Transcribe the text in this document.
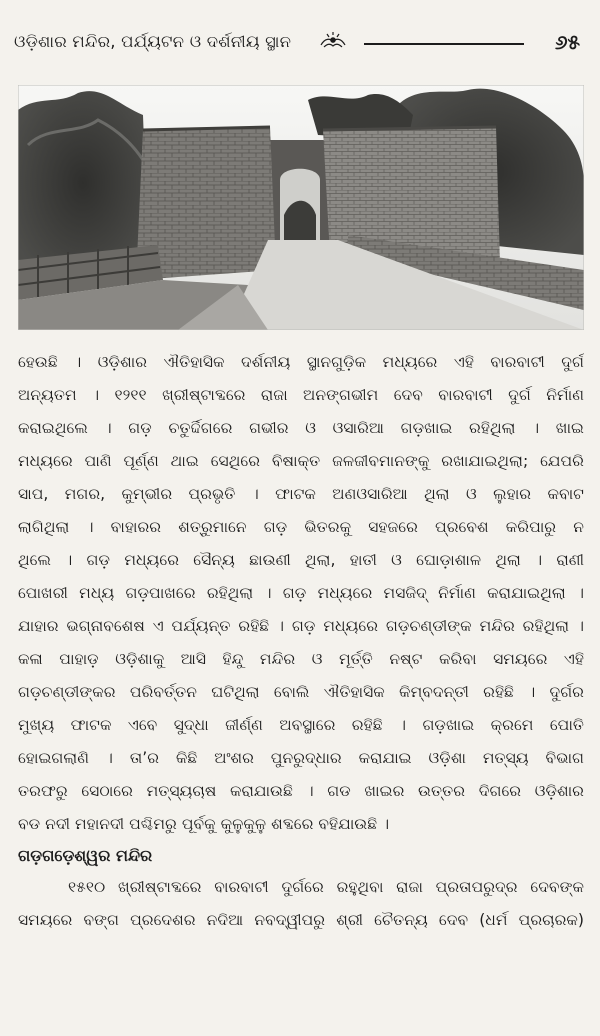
ଓଡ଼ିଶାର ମନ୍ଦିର, ପର୍ଯ୍ୟଟନ ଓ ଦର୍ଶନୀୟ ସ୍ଥାନ	୬୫
ହେଉଛି । ଓଡ଼ିଶାର ଐତିହାସିକ ଦର୍ଶନୀୟ ସ୍ଥାନଗୁଡ଼ିକ ମଧ୍ୟରେ ଏହି ବାରବାଟୀ ଦୁର୍ଗ
ଅନ୍ୟତମ । ୧୨୧୧ ଖ୍ରୀଷ୍ଟାବ୍ଦରେ ରାଜା ଅନଙ୍ଗଭୀମ ଦେବ ବାରବାଟୀ ଦୁର୍ଗ ନିର୍ମାଣ
କରାଇଥିଲେ । ଗଡ଼ ଚତୁର୍ଦ୍ଦିଗରେ ଗଭୀର ଓ ଓସାରିଆ ଗଡ଼ଖାଇ ରହିଥିଲା । ଖାଇ
ମଧ୍ୟରେ ପାଣି ପୂର୍ଣ୍ଣ ଥାଇ ସେଥିରେ ବିଷାକ୍ତ ଜଳଜୀବମାନଙ୍କୁ ରଖାଯାଇଥିଲା; ଯେପରି
ସାପ, ମଗର, କୁମ୍ଭୀର ପ୍ରଭୃତି । ଫାଟକ ଅଣଓସାରିଆ ଥିଲା ଓ ଲୁହାର କବାଟ
ଲାଗିଥିଲା । ବାହାରର ଶତ୍ରୁମାନେ ଗଡ଼ ଭିତରକୁ ସହଜରେ ପ୍ରବେଶ କରିପାରୁ ନ
ଥିଲେ । ଗଡ଼ ମଧ୍ୟରେ ସୈନ୍ୟ ଛାଉଣୀ ଥିଲା, ହାତୀ ଓ ଘୋଡ଼ାଶାଳ ଥିଲା । ରାଣୀ
ପୋଖରୀ ମଧ୍ୟ ଗଡ଼ପାଖରେ ରହିଥିଲା । ଗଡ଼ ମଧ୍ୟରେ ମସଜିଦ୍ ନିର୍ମାଣ କରାଯାଇଥିଲା ।
ଯାହାର ଭଗ୍ନାବଶେଷ ଏ ପର୍ଯ୍ୟନ୍ତ ରହିଛି । ଗଡ଼ ମଧ୍ୟରେ ଗଡ଼ଚଣ୍ଡୀଙ୍କ ମନ୍ଦିର ରହିଥିଲା ।
କଳା ପାହାଡ଼ ଓଡ଼ିଶାକୁ ଆସି ହିନ୍ଦୁ ମନ୍ଦିର ଓ ମୂର୍ତ୍ତି ନଷ୍ଟ କରିବା ସମୟରେ ଏହି
ଗଡ଼ଚଣ୍ଡୀଙ୍କର ପରିବର୍ତ୍ତନ ଘଟିଥିଲା ବୋଲି ଐତିହାସିକ କିମ୍ବଦନ୍ତୀ ରହିଛି । ଦୁର୍ଗର
ମୁଖ୍ୟ ଫାଟକ ଏବେ ସୁଦ୍ଧା ଜୀର୍ଣ୍ଣ ଅବସ୍ଥାରେ ରହିଛି । ଗଡ଼ଖାଇ କ୍ରମେ ପୋତି
ହୋଇଗଲାଣି । ତା’ର କିଛି ଅଂଶର ପୁନରୁଦ୍ଧାର କରାଯାଇ ଓଡ଼ିଶା ମତ୍ସ୍ୟ ବିଭାଗ
ତରଫରୁ ସେଠାରେ ମତ୍ସ୍ୟଚାଷ କରାଯାଉଛି । ଗଡ ଖାଇର ଉତ୍ତର ଦିଗରେ ଓଡ଼ିଶାର
ବଡ ନଦୀ ମହାନଦୀ ପଶ୍ଚିମରୁ ପୂର୍ବକୁ କୁଳୁକୁଳୁ ଶବ୍ଦରେ ବହିଯାଉଛି ।
ଗଡ଼ଗଡ଼େଶ୍ୱର ମନ୍ଦିର
୧୫୧୦ ଖ୍ରୀଷ୍ଟାବ୍ଦରେ ବାରବାଟୀ ଦୁର୍ଗରେ ରହୁଥିବା ରାଜା ପ୍ରତାପରୁଦ୍ର ଦେବଙ୍କ
ସମୟରେ ବଙ୍ଗ ପ୍ରଦେଶର ନଦିଆ ନବଦ୍ୱୀପରୁ ଶ୍ରୀ ଚୈତନ୍ୟ ଦେବ (ଧର୍ମ ପ୍ରଚାରକ)
